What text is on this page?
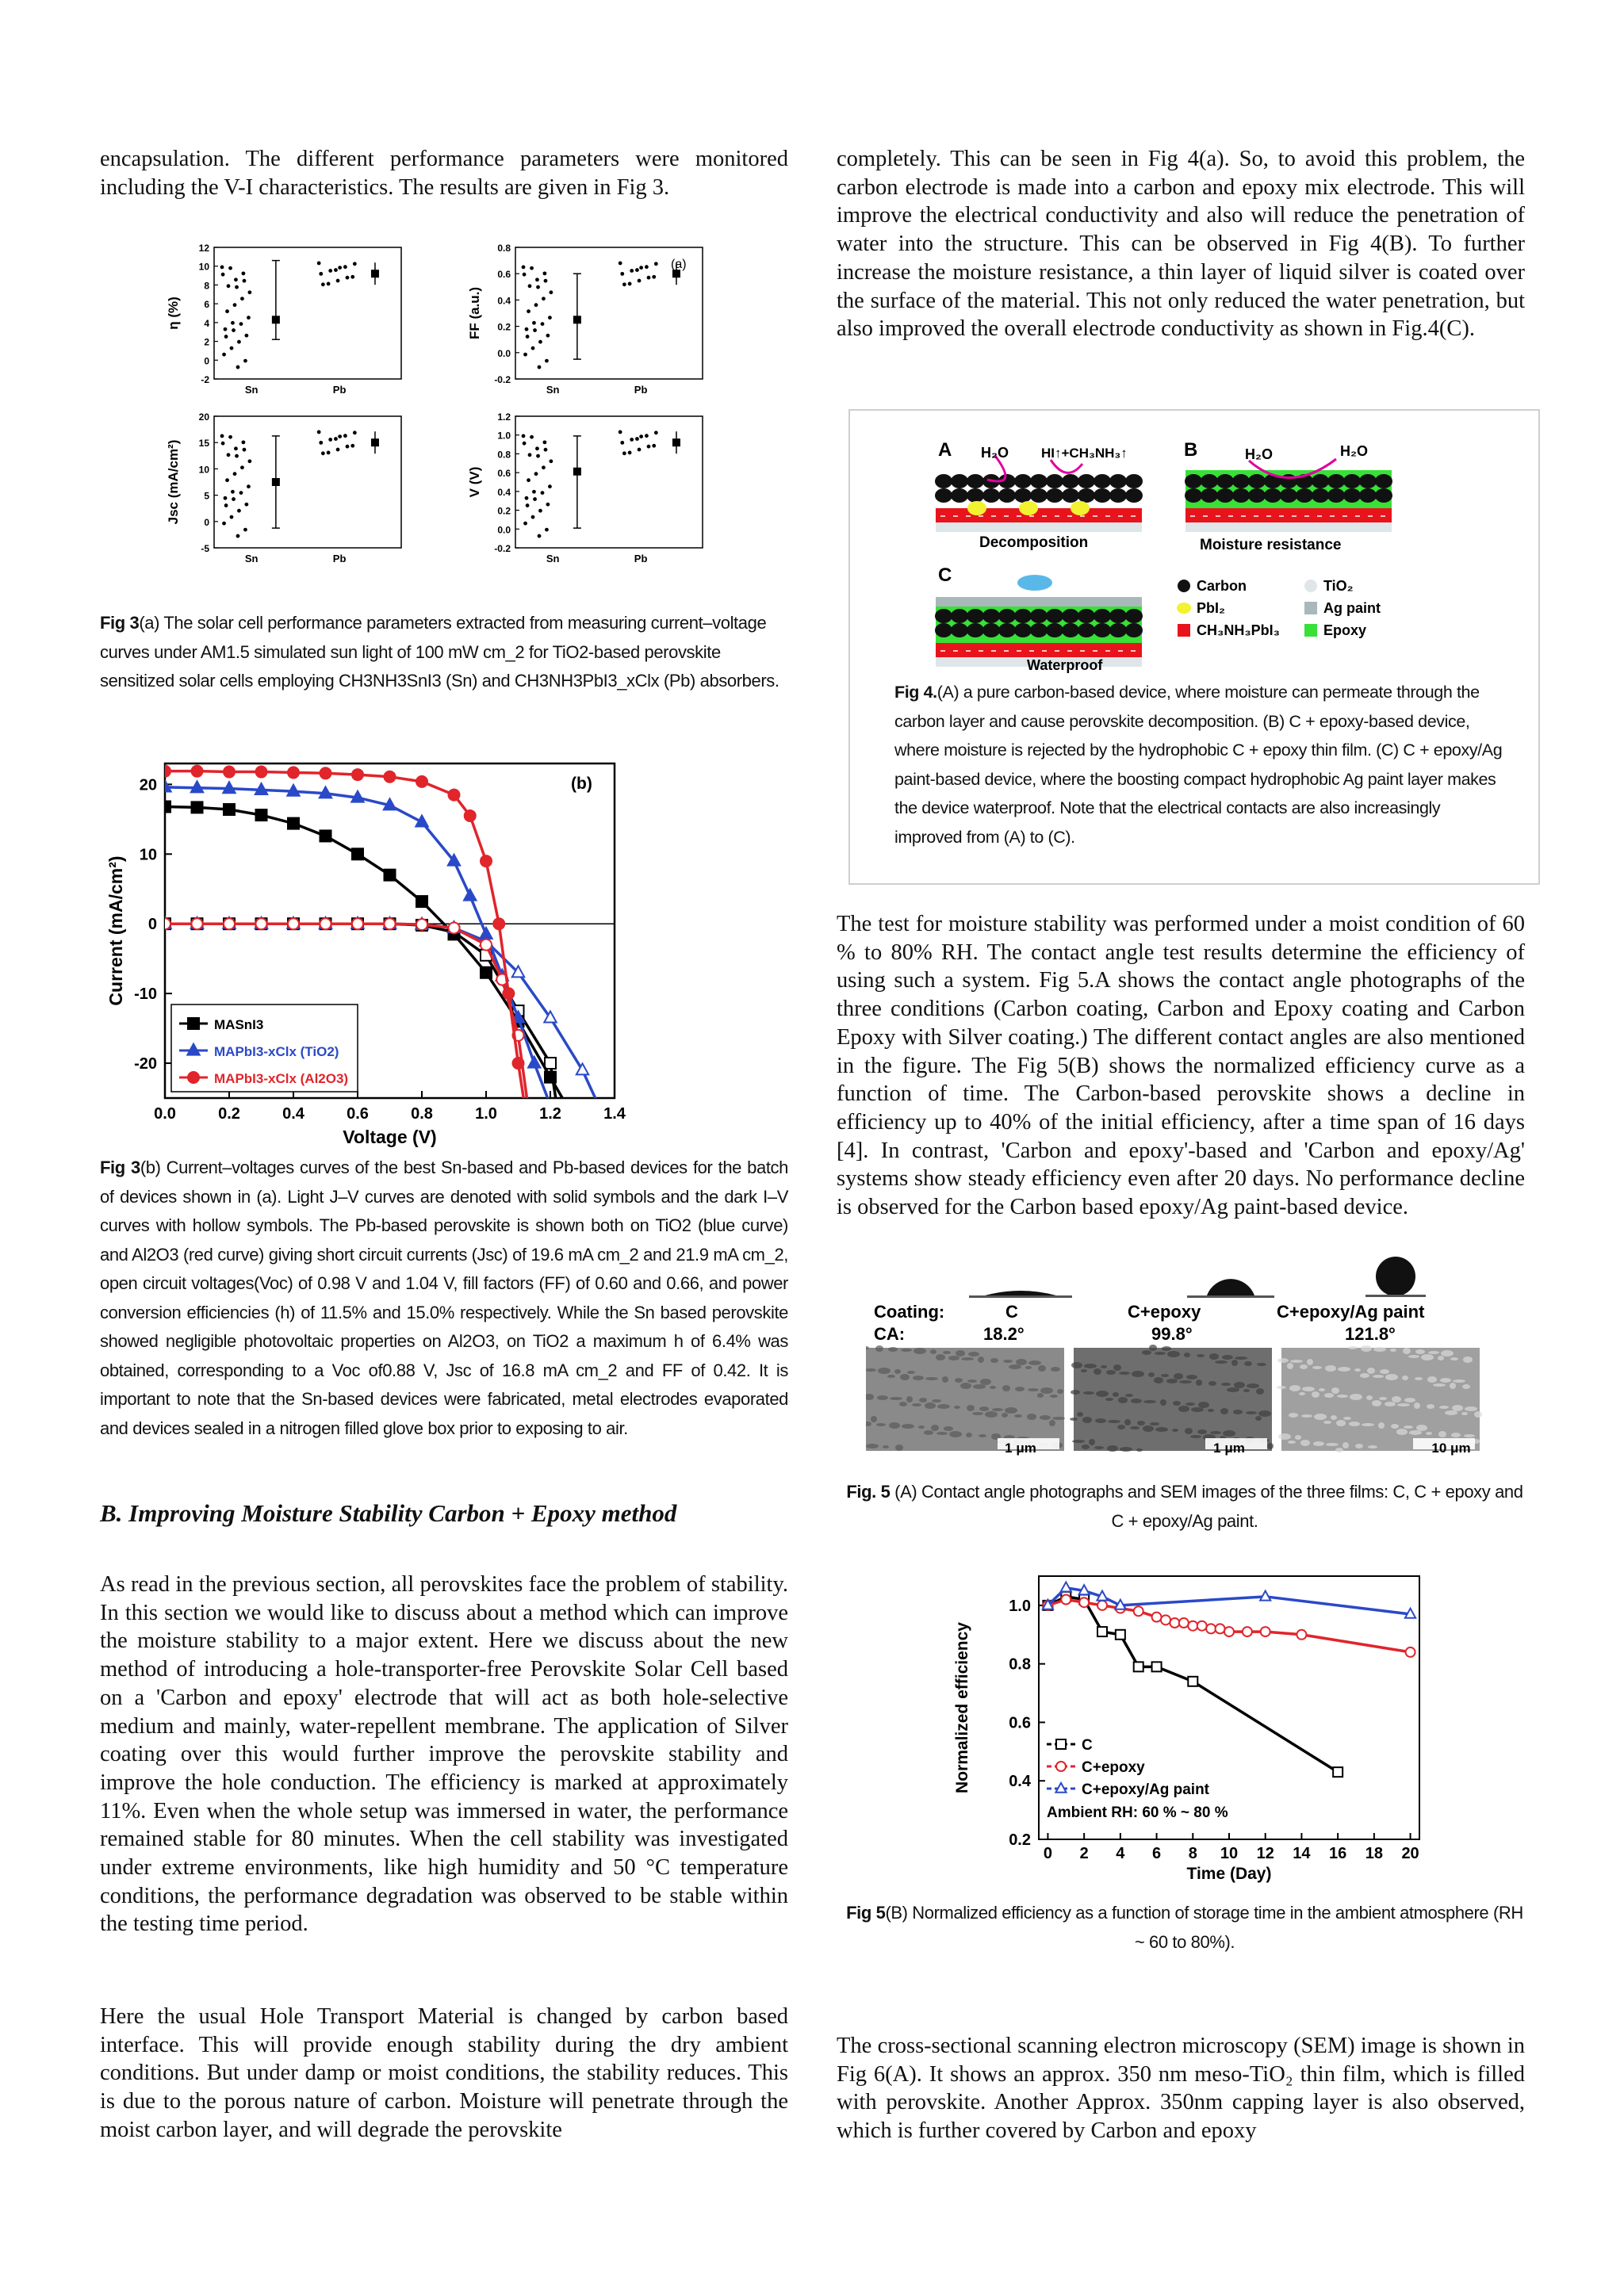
encapsulation. The different performance parameters were monitored including the V-I characteristics. The results are given in Fig 3.

12
10
8
6
4
2
0
-2
η (%)
Sn	Pb
0.8
0.6
0.4
0.2
0.0
-0.2
FF (a.u.)
Sn	Pb
(a)
20
15
10
5
0
-5
Jsc (mA/cm²)
Sn	Pb
1.2
1.0
0.8
0.6
0.4
0.2
0.0
-0.2
V (V)
Sn	Pb

Fig 3(a) The solar cell performance parameters extracted from measuring current–voltage curves under AM1.5 simulated sun light of 100 mW cm_2 for TiO2-based perovskite sensitized solar cells employing CH3NH3SnI3 (Sn) and CH3NH3PbI3_xClx (Pb) absorbers.

0.0	0.2	0.4	0.6	0.8	1.0	1.2	1.4
20
10
0
-10
-20
Voltage (V)
Current (mA/cm²)
(b)
MASnI3
MAPbI3-xClx (TiO2)
MAPbI3-xClx (Al2O3)

Fig 3(b) Current–voltages curves of the best Sn-based and Pb-based devices for the batch of devices shown in (a). Light J–V curves are denoted with solid symbols and the dark I–V curves with hollow symbols. The Pb-based perovskite is shown both on TiO2 (blue curve) and Al2O3 (red curve) giving short circuit currents (Jsc) of 19.6 mA cm_2 and 21.9 mA cm_2, open circuit voltages(Voc) of 0.98 V and 1.04 V, fill factors (FF) of 0.60 and 0.66, and power conversion efficiencies (h) of 11.5% and 15.0% respectively. While the Sn based perovskite showed negligible photovoltaic properties on Al2O3, on TiO2 a maximum h of 6.4% was obtained, corresponding to a Voc of0.88 V, Jsc of 16.8 mA cm_2 and FF of 0.42. It is important to note that the Sn-based devices were fabricated, metal electrodes evaporated and devices sealed in a nitrogen filled glove box prior to exposing to air.

B. Improving Moisture Stability Carbon + Epoxy method

As read in the previous section, all perovskites face the problem of stability. In this section we would like to discuss about a method which can improve the moisture stability to a major extent. Here we discuss about the new method of introducing a hole-transporter-free Perovskite Solar Cell based on a 'Carbon and epoxy' electrode that will act as both hole-selective medium and mainly, water-repellent membrane. The application of Silver coating over this would further improve the perovskite stability and improve the hole conduction. The efficiency is marked at approximately 11%. Even when the whole setup was immersed in water, the performance remained stable for 80 minutes. When the cell stability was investigated under extreme environments, like high humidity and 50 °C temperature conditions, the performance degradation was observed to be stable within the testing time period.

Here the usual Hole Transport Material is changed by carbon based interface. This will provide enough stability during the dry ambient conditions. But under damp or moist conditions, the stability reduces. This is due to the porous nature of carbon. Moisture will penetrate through the moist carbon layer, and will degrade the perovskite

completely. This can be seen in Fig 4(a). So, to avoid this problem, the carbon electrode is made into a carbon and epoxy mix electrode. This will improve the electrical conductivity and also will reduce the penetration of water into the structure. This can be observed in Fig 4(B). To further increase the moisture resistance, a thin layer of liquid silver is coated over the surface of the material. This not only reduced the water penetration, but also improved the overall electrode conductivity as shown in Fig.4(C).

A	B
C
H₂O HI↑+CH₃NH₃↑	H₂O	H₂O
Decomposition	Moisture resistance
Waterproof
Carbon	TiO₂
PbI₂	Ag paint
CH₃NH₃PbI₃	Epoxy

Fig 4.(A) a pure carbon-based device, where moisture can permeate through the carbon layer and cause perovskite decomposition. (B) C + epoxy-based device, where moisture is rejected by the hydrophobic C + epoxy thin film. (C) C + epoxy/Ag paint-based device, where the boosting compact hydrophobic Ag paint layer makes the device waterproof. Note that the electrical contacts are also increasingly improved from (A) to (C).

The test for moisture stability was performed under a moist condition of 60 % to 80% RH. The contact angle test results determine the efficiency of using such a system. Fig 5.A shows the contact angle photographs of the three conditions (Carbon coating, Carbon and Epoxy coating and Carbon Epoxy with Silver coating.) The different contact angles are also mentioned in the figure. The Fig 5(B) shows the normalized efficiency curve as a function of time. The Carbon-based perovskite shows a decline in efficiency up to 40% of the initial efficiency, after a time span of 16 days [4]. In contrast, 'Carbon and epoxy'-based and 'Carbon and epoxy/Ag' systems show steady efficiency even after 20 days. No performance decline is observed for the Carbon based epoxy/Ag paint-based device.

Coating:
CA:
C
18.2°
C+epoxy
99.8°
C+epoxy/Ag paint
121.8°
1 μm	1 μm	10 μm

Fig. 5 (A) Contact angle photographs and SEM images of the three films: C, C + epoxy and C + epoxy/Ag paint.

0 2 4 6 8 10 12 14 16 18 20
1.0
0.8
0.6
0.4
0.2
Time (Day)
Normalized efficiency	C
C+epoxy
C+epoxy/Ag paint
Ambient RH: 60 % ~ 80 %

Fig 5(B) Normalized efficiency as a function of storage time in the ambient atmosphere (RH ~ 60 to 80%).

The cross-sectional scanning electron microscopy (SEM) image is shown in Fig 6(A). It shows an approx. 350 nm meso-TiO₂ thin film, which is filled with perovskite. Another Approx. 350nm capping layer is also observed, which is further covered by Carbon and epoxy
